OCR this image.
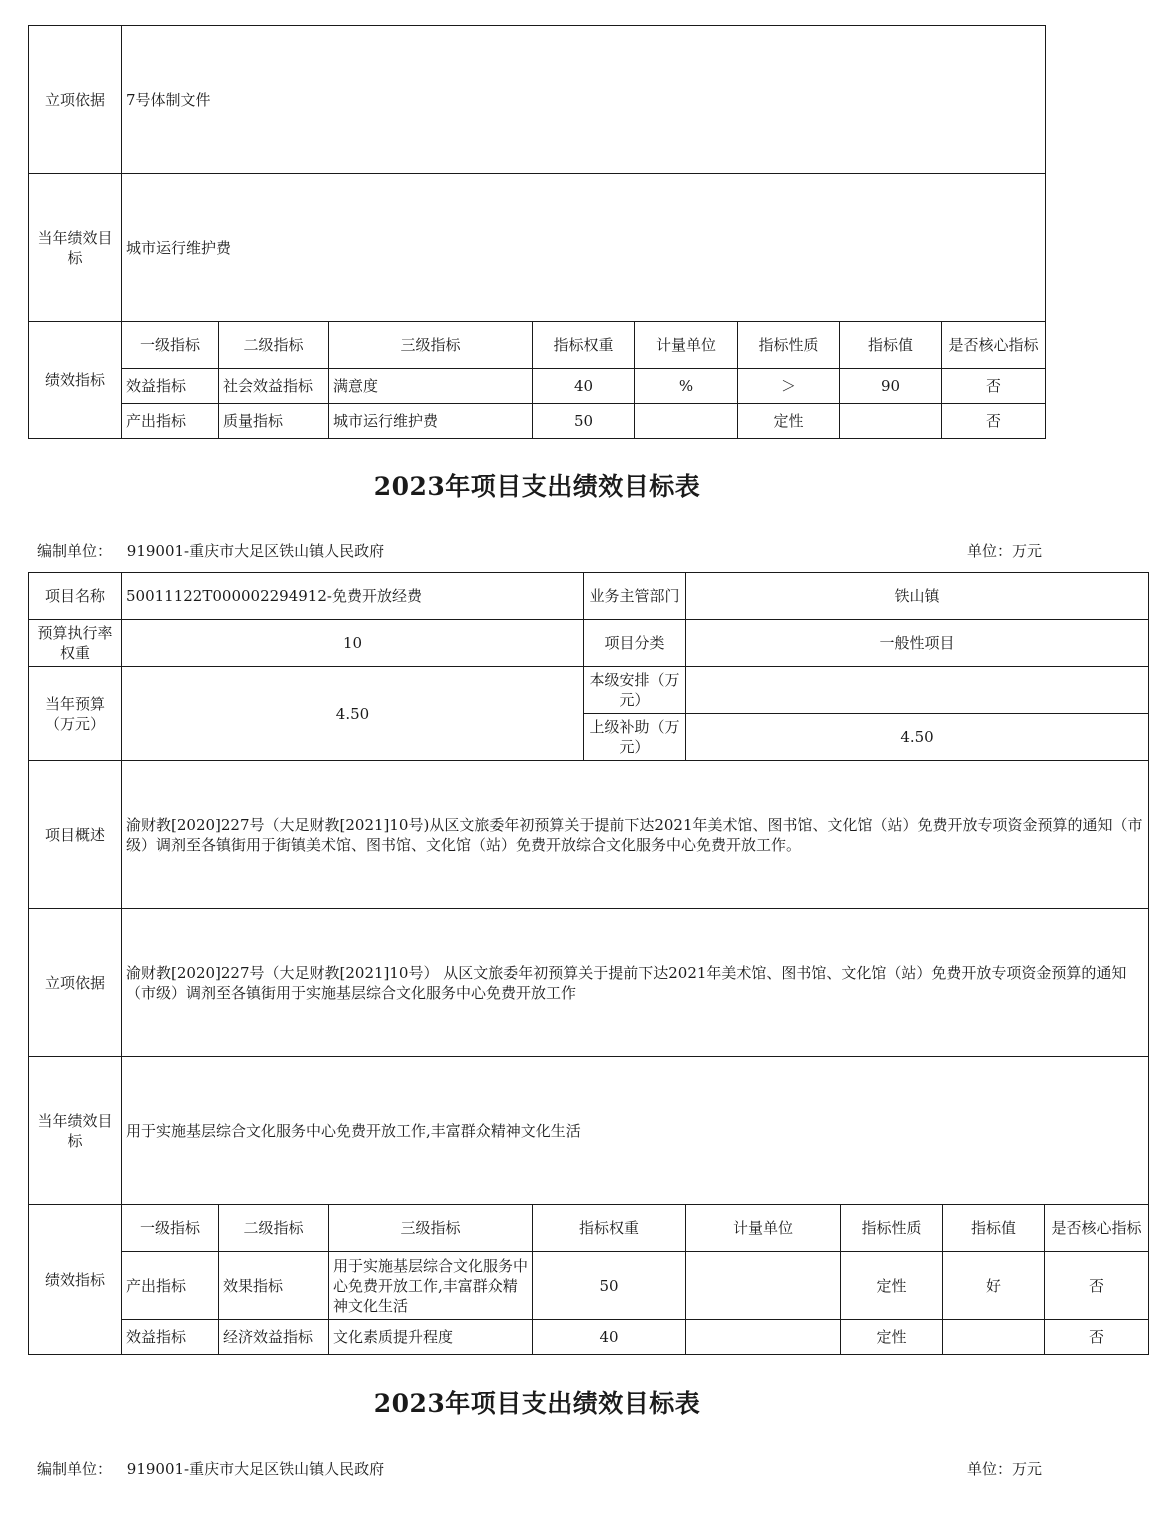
立项依据	7号体制文件							
当年绩效目标	城市运行维护费							
绩效指标	一级指标	二级指标	三级指标	指标权重	计量单位	指标性质	指标值	是否核心指标
	效益指标	社会效益指标	满意度	40	%	＞	90	否
	产出指标	质量指标	城市运行维护费	50		定性		否
2023年项目支出绩效目标表
编制单位： 919001-重庆市大足区铁山镇人民政府	单位：万元
项目名称	50011122T000002294912-免费开放经费				业务主管部门	铁山镇			
预算执行率权重	10				项目分类	一般性项目			
当年预算（万元）	4.50				本级安排（万元）				
					上级补助（万元）	4.50			
项目概述	渝财教[2020]227号（大足财教[2021]10号)从区文旅委年初预算关于提前下达2021年美术馆、图书馆、文化馆（站）免费开放专项资金预算的通知（市级）调剂至各镇街用于街镇美术馆、图书馆、文化馆（站）免费开放综合文化服务中心免费开放工作。								
立项依据	渝财教[2020]227号（大足财教[2021]10号） 从区文旅委年初预算关于提前下达2021年美术馆、图书馆、文化馆（站）免费开放专项资金预算的通知（市级）调剂至各镇街用于实施基层综合文化服务中心免费开放工作								
当年绩效目标	用于实施基层综合文化服务中心免费开放工作,丰富群众精神文化生活								
绩效指标	一级指标	二级指标	三级指标	指标权重		计量单位	指标性质	指标值	是否核心指标
	产出指标	效果指标	用于实施基层综合文化服务中心免费开放工作,丰富群众精神文化生活	50			定性	好	否
	效益指标	经济效益指标	文化素质提升程度	40			定性		否
2023年项目支出绩效目标表
编制单位： 919001-重庆市大足区铁山镇人民政府	单位：万元
